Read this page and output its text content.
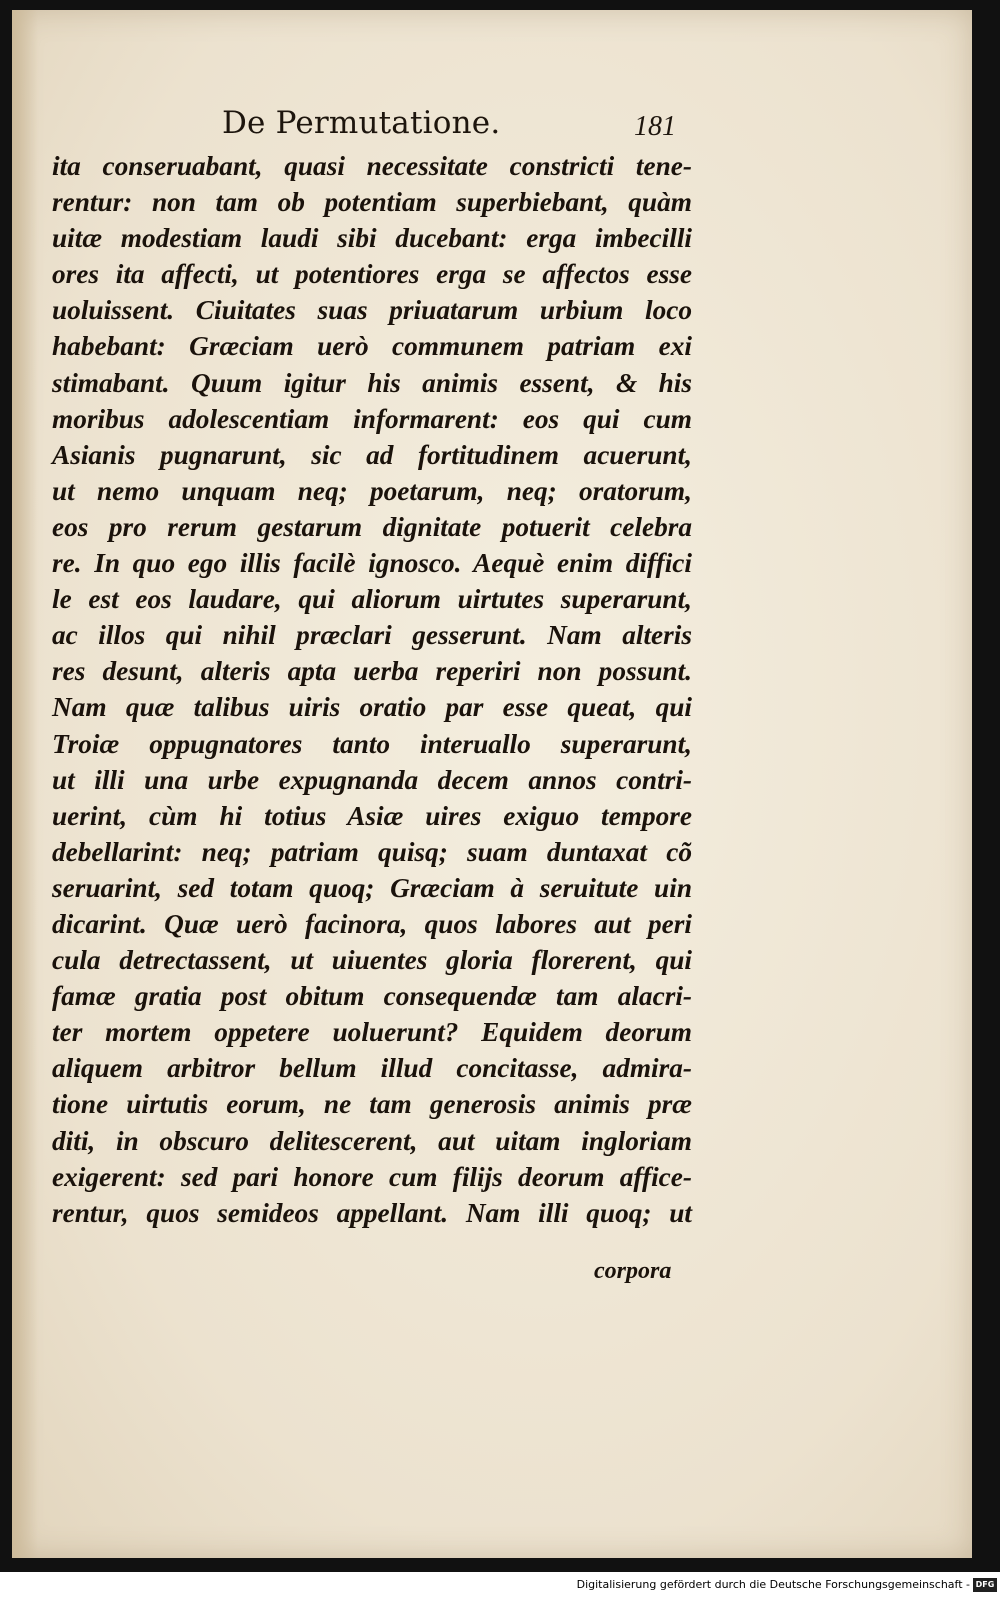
De Permutatione.	181
ita conseruabant, quasi necessitate constricti tene-
rentur: non tam ob potentiam superbiebant, quàm
uitæ modestiam laudi sibi ducebant: erga imbecilli
ores ita affecti, ut potentiores erga se affectos esse
uoluissent. Ciuitates suas priuatarum urbium loco
habebant: Græciam uerò communem patriam exi
stimabant. Quum igitur his animis essent, & his
moribus adolescentiam informarent: eos qui cum
Asianis pugnarunt, sic ad fortitudinem acuerunt,
ut nemo unquam neq; poetarum, neq; oratorum,
eos pro rerum gestarum dignitate potuerit celebra
re. In quo ego illis facilè ignosco. Aequè enim diffici
le est eos laudare, qui aliorum uirtutes superarunt,
ac illos qui nihil præclari gesserunt. Nam alteris
res desunt, alteris apta uerba reperiri non possunt.
Nam quæ talibus uiris oratio par esse queat, qui
Troiæ oppugnatores tanto interuallo superarunt,
ut illi una urbe expugnanda decem annos contri-
uerint, cùm hi totius Asiæ uires exiguo tempore
debellarint: neq; patriam quisq; suam duntaxat cõ
seruarint, sed totam quoq; Græciam à seruitute uin
dicarint. Quæ uerò facinora, quos labores aut peri
cula detrectassent, ut uiuentes gloria florerent, qui
famæ gratia post obitum consequendæ tam alacri-
ter mortem oppetere uoluerunt? Equidem deorum
aliquem arbitror bellum illud concitasse, admira-
tione uirtutis eorum, ne tam generosis animis præ
diti, in obscuro delitescerent, aut uitam ingloriam
exigerent: sed pari honore cum filijs deorum affice-
rentur, quos semideos appellant. Nam illi quoq; ut
corpora
Digitalisierung gefördert durch die Deutsche Forschungsgemeinschaft - DFG
